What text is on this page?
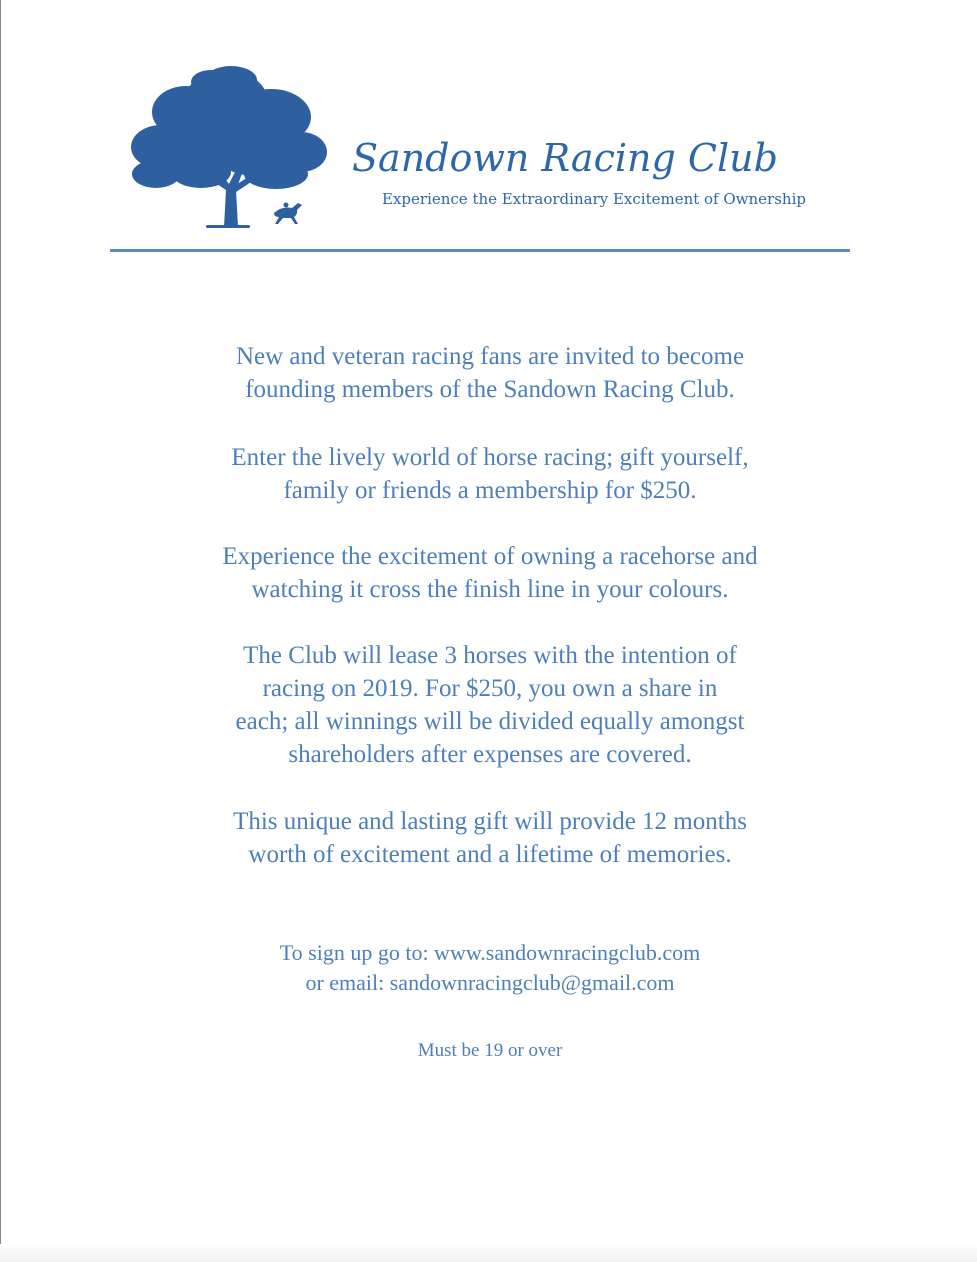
Sandown Racing Club
Experience the Extraordinary Excitement of Ownership

New and veteran racing fans are invited to become
founding members of the Sandown Racing Club.

Enter the lively world of horse racing; gift yourself,
family or friends a membership for $250.

Experience the excitement of owning a racehorse and
watching it cross the finish line in your colours.

The Club will lease 3 horses with the intention of
racing on 2019. For $250, you own a share in
each; all winnings will be divided equally amongst
shareholders after expenses are covered.

This unique and lasting gift will provide 12 months
worth of excitement and a lifetime of memories.

To sign up go to: www.sandownracingclub.com
or email: sandownracingclub@gmail.com

Must be 19 or over
